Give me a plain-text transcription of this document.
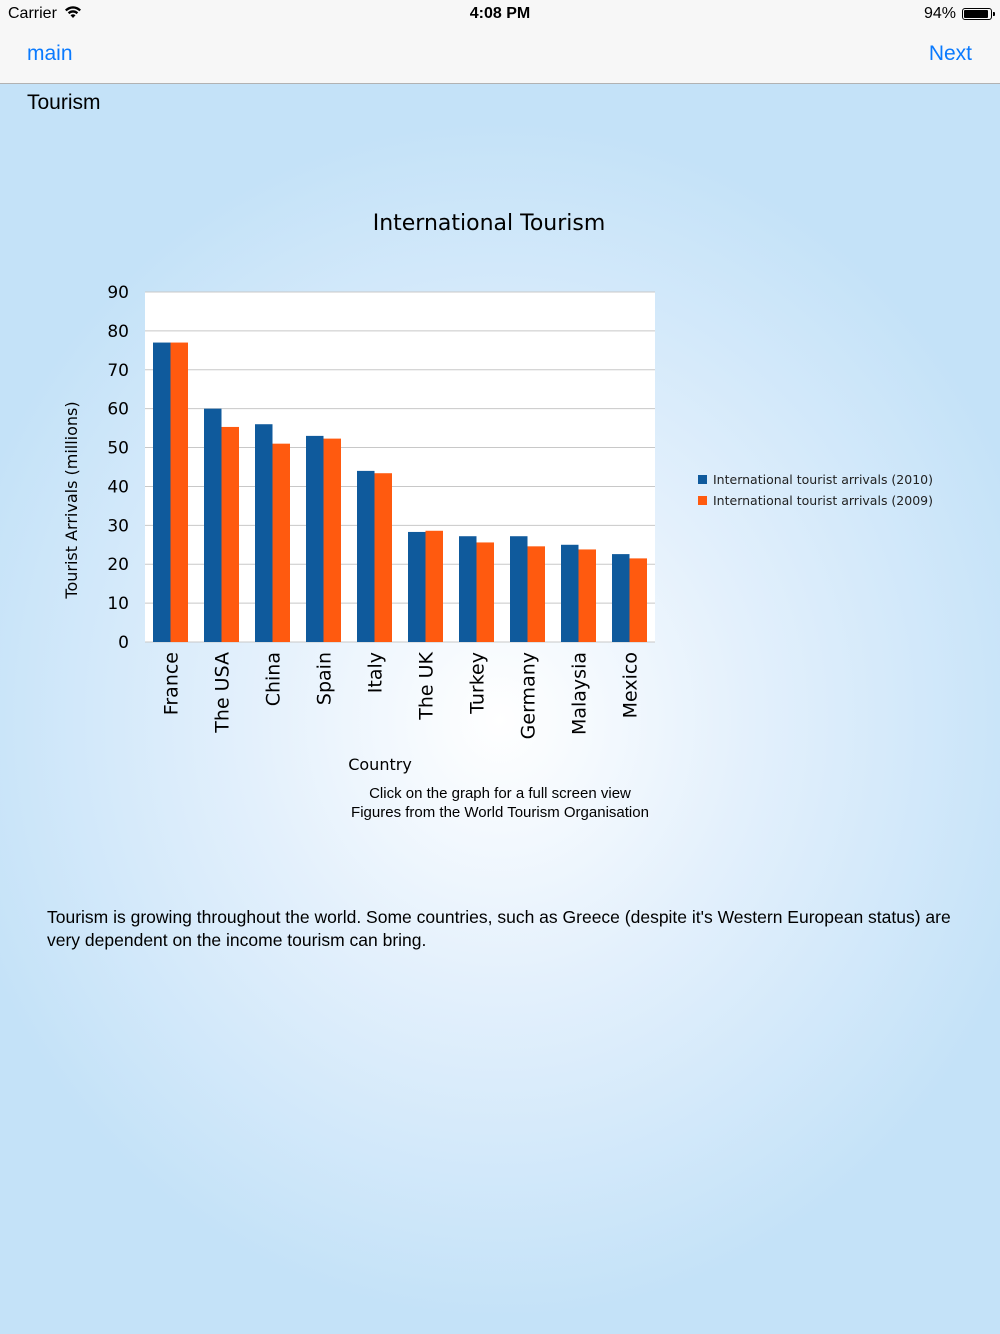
Carrier	4:08 PM	94%
main	Next
Tourism
International Tourism
0
10
20
30
40
50
60
70
80
90
France The USA China Spain Italy The UK Turkey Germany Malaysia Mexico
Tourist Arrivals (millions)
Country
International tourist arrivals (2010)
International tourist arrivals (2009)
Click on the graph for a full screen view
Figures from the World Tourism Organisation
Tourism is growing throughout the world. Some countries, such as Greece (despite it's Western European status) are very dependent on the income tourism can bring.
